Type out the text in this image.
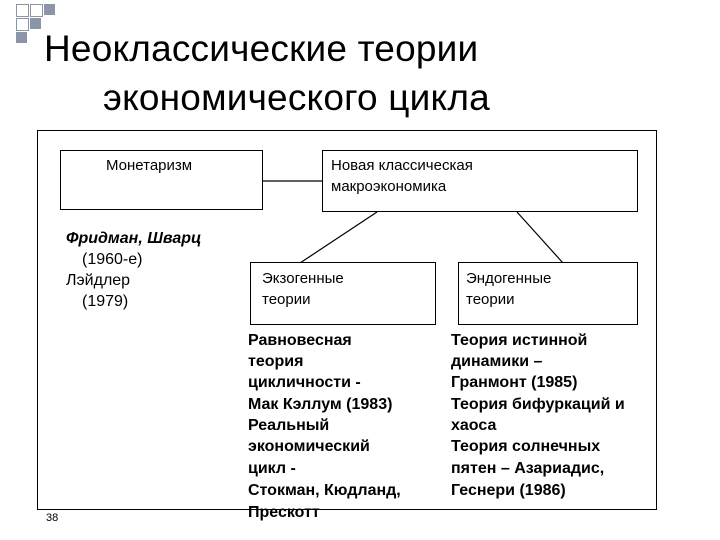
Неоклассические теории
экономического цикла
Монетаризм	Новая классическая
макроэкономика
Экзогенные
теории
Эндогенные
теории
Фридман, Шварц
(1960-е)
Лэйдлер
(1979)
Равновесная
теория
цикличности -
Мак Кэллум (1983)
Реальный
экономический
цикл -
Стокман, Кюдланд,
Прескотт
Теория истинной
динамики –
Гранмонт (1985)
Теория бифуркаций и
хаоса
Теория солнечных
пятен – Азариадис,
Геснери (1986)
38
